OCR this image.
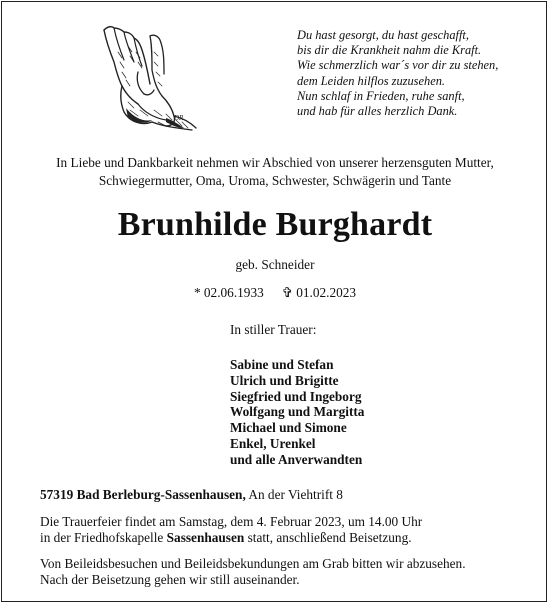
DR.
Du hast gesorgt, du hast geschafft,
bis dir die Krankheit nahm die Kraft.
Wie schmerzlich war´s vor dir zu stehen,
dem Leiden hilflos zuzusehen.
Nun schlaf in Frieden, ruhe sanft,
und hab für alles herzlich Dank.
In Liebe und Dankbarkeit nehmen wir Abschied von unserer herzensguten Mutter,
Schwiegermutter, Oma, Uroma, Schwester, Schwägerin und Tante
Brunhilde Burghardt
geb. Schneider
* 02.06.1933 ✞ 01.02.2023
In stiller Trauer:
Sabine und Stefan
Ulrich und Brigitte
Siegfried und Ingeborg
Wolfgang und Margitta
Michael und Simone
Enkel, Urenkel
und alle Anverwandten
57319 Bad Berleburg-Sassenhausen, An der Viehtrift 8
Die Trauerfeier findet am Samstag, dem 4. Februar 2023, um 14.00 Uhr
in der Friedhofskapelle Sassenhausen statt, anschließend Beisetzung.
Von Beileidsbesuchen und Beileidsbekundungen am Grab bitten wir abzusehen.
Nach der Beisetzung gehen wir still auseinander.
